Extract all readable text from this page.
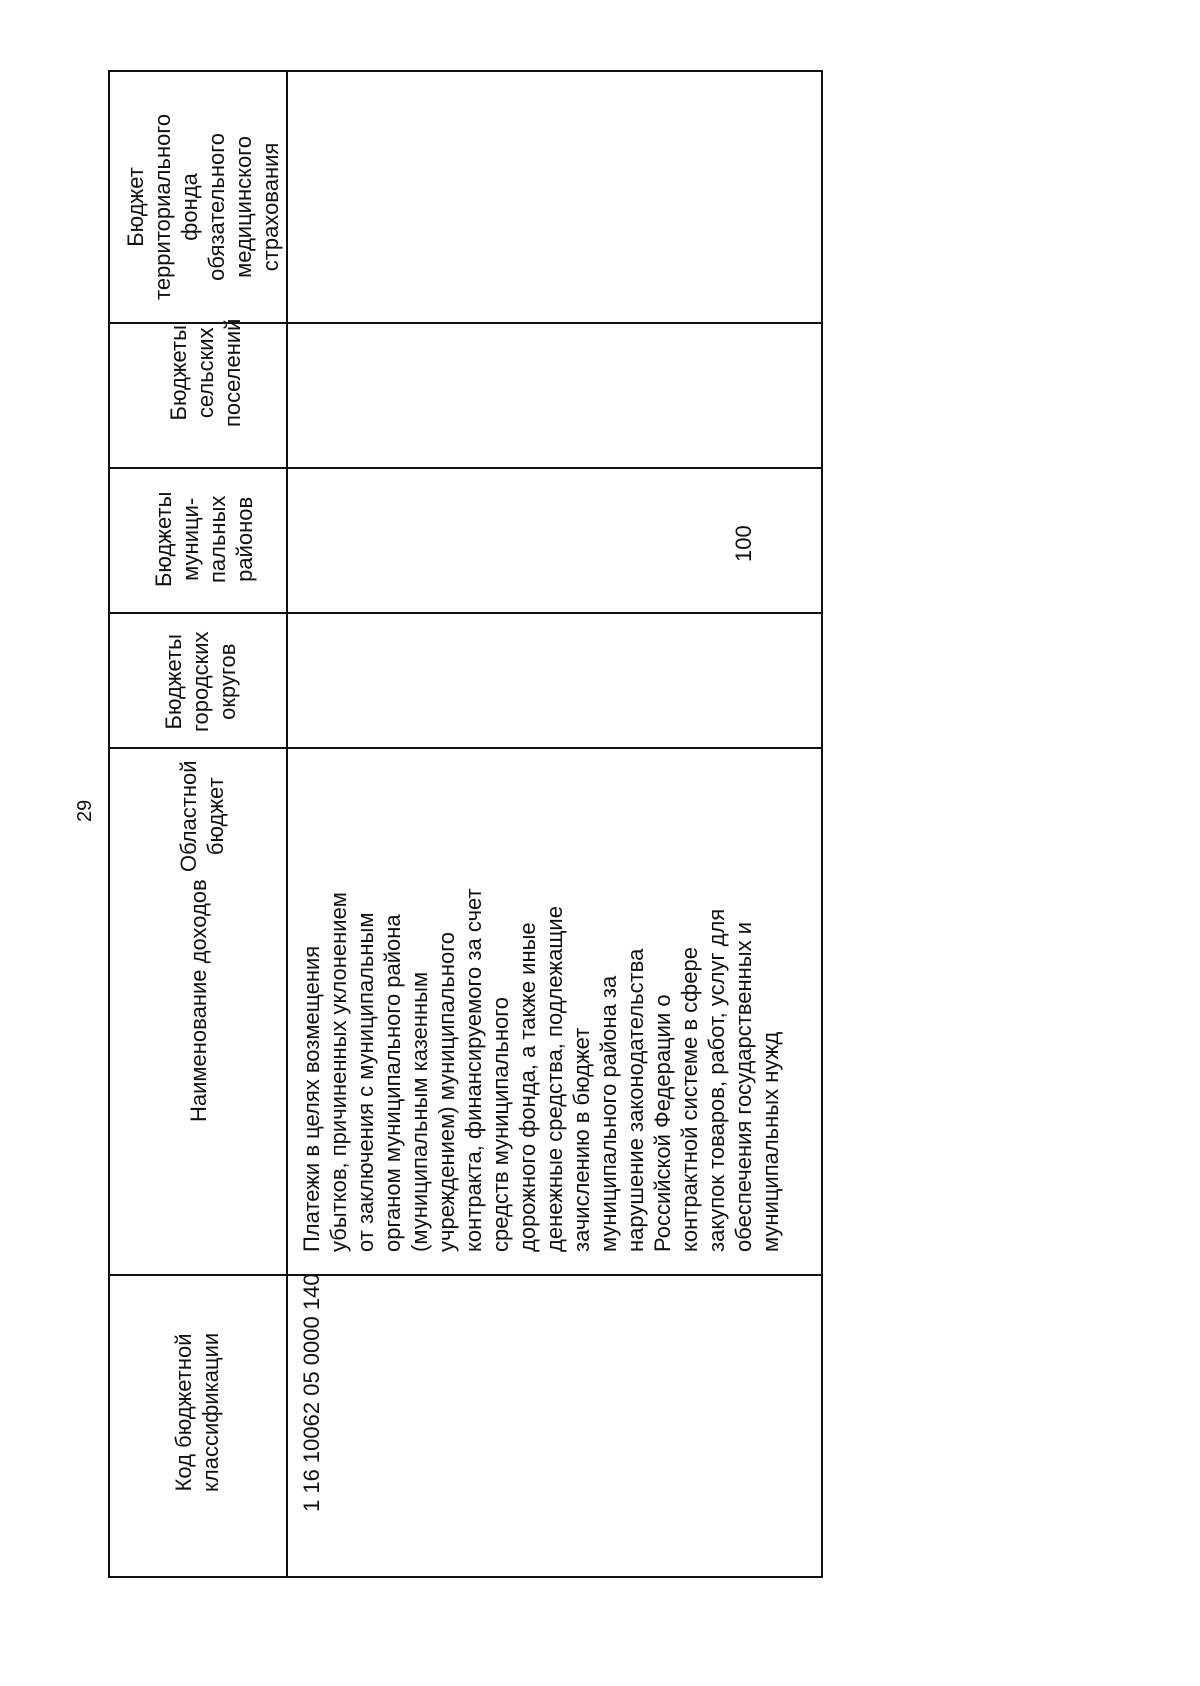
29
Код бюджетной
классификации
Наименование доходов
Областной
бюджет
Бюджеты
городских
округов
Бюджеты
муници-
пальных
районов
Бюджеты
сельских
поселений
Бюджет
территориального
фонда
обязательного
медицинского
страхования
1 16 10062 05 0000 140
Платежи в целях возмещения
убытков, причиненных уклонением
от заключения с муниципальным
органом муниципального района
(муниципальным казенным
учреждением) муниципального
контракта, финансируемого за счет
средств муниципального
дорожного фонда, а также иные
денежные средства, подлежащие
зачислению в бюджет
муниципального района за
нарушение законодательства
Российской Федерации о
контрактной системе в сфере
закупок товаров, работ, услуг для
обеспечения государственных и
муниципальных нужд
100
